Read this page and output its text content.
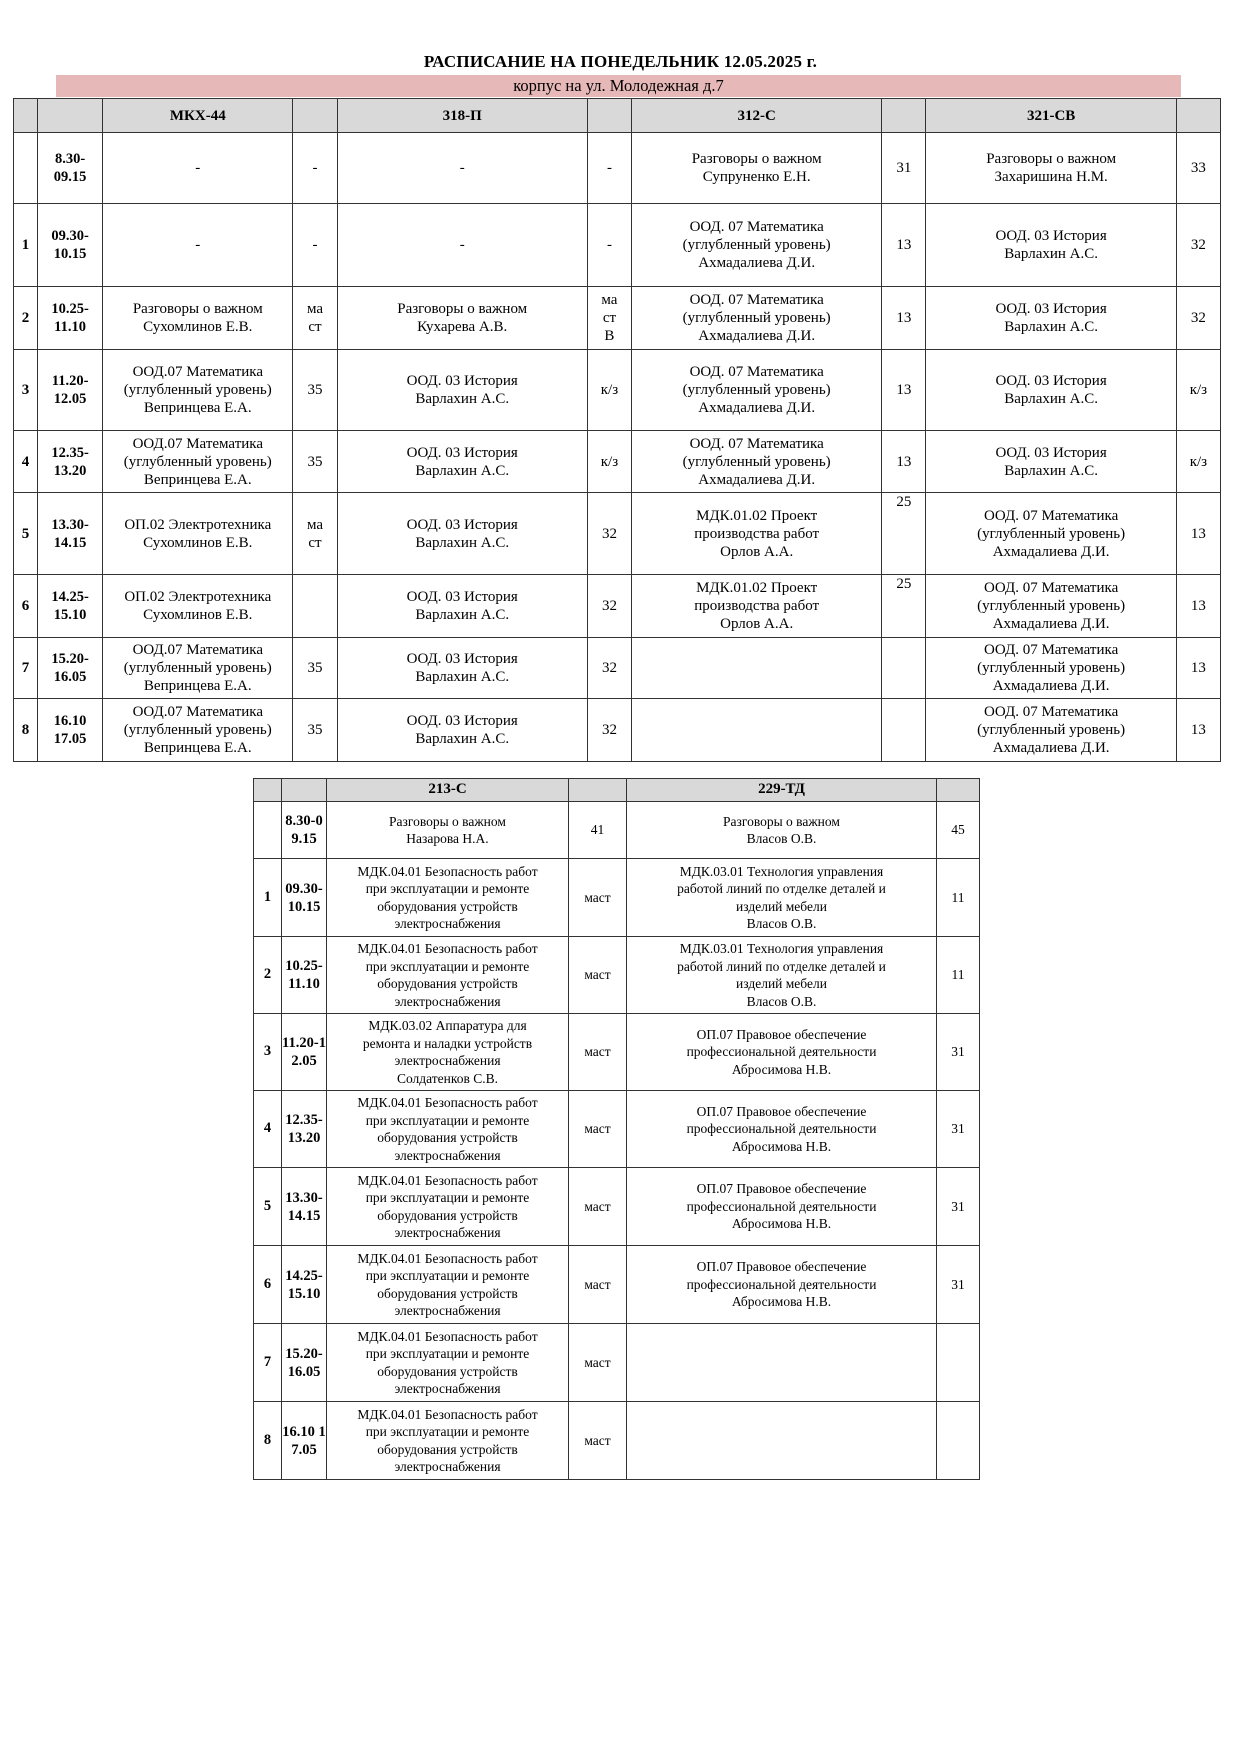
РАСПИСАНИЕ НА ПОНЕДЕЛЬНИК 12.05.2025 г.
корпус на ул. Молодежная д.7
		МКХ-44		318-П		312-С		321-СВ	
	8.30-
09.15	-	-	-	-	Разговоры о важном
Супруненко Е.Н.	31	Разговоры о важном
Захаришина Н.М.	33
1	09.30-
10.15	-	-	-	-	ООД. 07 Математика
(углубленный уровень)
Ахмадалиева Д.И.	13	ООД. 03 История
Варлахин А.С.	32
2	10.25-
11.10	Разговоры о важном
Сухомлинов Е.В.	ма
ст	Разговоры о важном
Кухарева А.В.	ма
ст
В	ООД. 07 Математика
(углубленный уровень)
Ахмадалиева Д.И.	13	ООД. 03 История
Варлахин А.С.	32
3	11.20-
12.05	ООД.07 Математика
(углубленный уровень)
Вепринцева Е.А.	35	ООД. 03 История
Варлахин А.С.	к/з	ООД. 07 Математика
(углубленный уровень)
Ахмадалиева Д.И.	13	ООД. 03 История
Варлахин А.С.	к/з
4	12.35-
13.20	ООД.07 Математика
(углубленный уровень)
Вепринцева Е.А.	35	ООД. 03 История
Варлахин А.С.	к/з	ООД. 07 Математика
(углубленный уровень)
Ахмадалиева Д.И.	13	ООД. 03 История
Варлахин А.С.	к/з
5	13.30-
14.15	ОП.02 Электротехника
Сухомлинов Е.В.	ма
ст	ООД. 03 История
Варлахин А.С.	32	МДК.01.02 Проект
производства работ
Орлов А.А.	25	ООД. 07 Математика
(углубленный уровень)
Ахмадалиева Д.И.	13
6	14.25-
15.10	ОП.02 Электротехника
Сухомлинов Е.В.		ООД. 03 История
Варлахин А.С.	32	МДК.01.02 Проект
производства работ
Орлов А.А.	25	ООД. 07 Математика
(углубленный уровень)
Ахмадалиева Д.И.	13
7	15.20-
16.05	ООД.07 Математика
(углубленный уровень)
Вепринцева Е.А.	35	ООД. 03 История
Варлахин А.С.	32			ООД. 07 Математика
(углубленный уровень)
Ахмадалиева Д.И.	13
8	16.10
17.05	ООД.07 Математика
(углубленный уровень)
Вепринцева Е.А.	35	ООД. 03 История
Варлахин А.С.	32			ООД. 07 Математика
(углубленный уровень)
Ахмадалиева Д.И.	13
		213-С		229-ТД	
	8.30-09.15	Разговоры о важном
Назарова Н.А.	41	Разговоры о важном
Власов О.В.	45
1	09.30-10.15	МДК.04.01 Безопасность работ
при эксплуатации и ремонте
оборудования устройств
электроснабжения	маст	МДК.03.01 Технология управления
работой линий по отделке деталей и
изделий мебели
Власов О.В.	11
2	10.25-11.10	МДК.04.01 Безопасность работ
при эксплуатации и ремонте
оборудования устройств
электроснабжения	маст	МДК.03.01 Технология управления
работой линий по отделке деталей и
изделий мебели
Власов О.В.	11
3	11.20-12.05	МДК.03.02 Аппаратура для
ремонта и наладки устройств
электроснабжения
Солдатенков С.В.	маст	ОП.07 Правовое обеспечение
профессиональной деятельности
Абросимова Н.В.	31
4	12.35-13.20	МДК.04.01 Безопасность работ
при эксплуатации и ремонте
оборудования устройств
электроснабжения	маст	ОП.07 Правовое обеспечение
профессиональной деятельности
Абросимова Н.В.	31
5	13.30-14.15	МДК.04.01 Безопасность работ
при эксплуатации и ремонте
оборудования устройств
электроснабжения	маст	ОП.07 Правовое обеспечение
профессиональной деятельности
Абросимова Н.В.	31
6	14.25-15.10	МДК.04.01 Безопасность работ
при эксплуатации и ремонте
оборудования устройств
электроснабжения	маст	ОП.07 Правовое обеспечение
профессиональной деятельности
Абросимова Н.В.	31
7	15.20-16.05	МДК.04.01 Безопасность работ
при эксплуатации и ремонте
оборудования устройств
электроснабжения	маст		
8	16.10 17.05	МДК.04.01 Безопасность работ
при эксплуатации и ремонте
оборудования устройств
электроснабжения	маст		
